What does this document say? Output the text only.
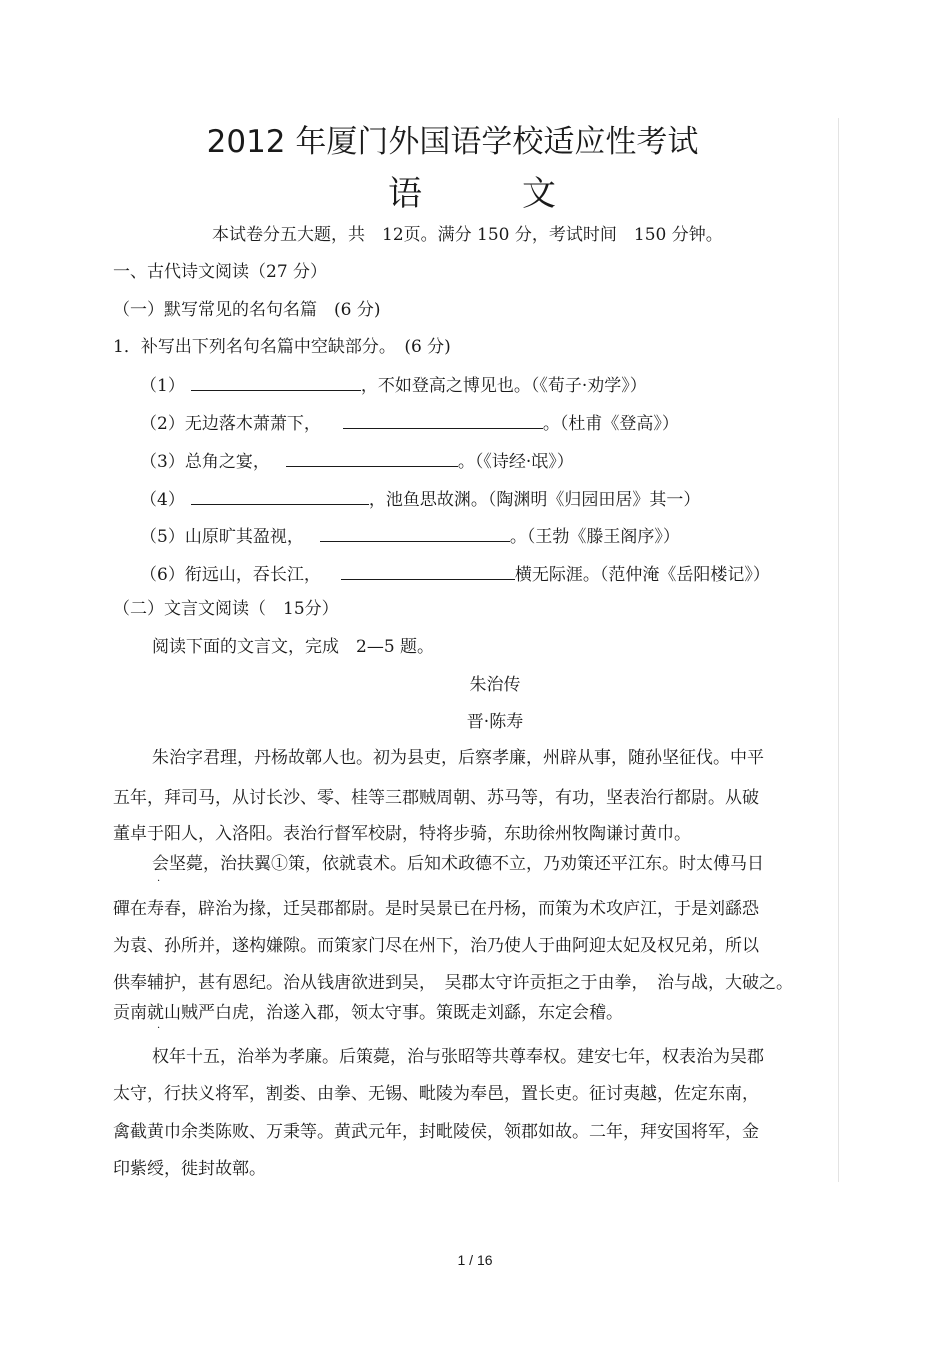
2012 年厦门外国语学校适应性考试
语	文
本试卷分五大题，共　12页。满分 150 分，考试时间　150 分钟。
一、古代诗文阅读（27 分）
（一）默写常见的名句名篇　(6 分)
1．补写出下列名句名篇中空缺部分。　(6 分)
（1）	，不如登高之博见也。（《荀子·劝学》）
（2）无边落木萧萧下，	。（杜甫《登高》）
（3）总角之宴，	。（《诗经·氓》）
（4）	，池鱼思故渊。（陶渊明《归园田居》其一）
（5）山原旷其盈视，	。（王勃《滕王阁序》）
（6）衔远山，吞长江，	横无际涯。（范仲淹《岳阳楼记》）
（二）文言文阅读（　15分）
阅读下面的文言文，完成　2—5 题。
朱治传
晋·陈寿
朱治字君理，丹杨故鄣人也。初为县吏，后察孝廉，州辟从事，随孙坚征伐。中平
五年，拜司马，从讨长沙、零、桂等三郡贼周朝、苏马等，有功，坚表治行都尉。从破
董卓于阳人，入洛阳。表治行督军校尉，特将步骑，东助徐州牧陶谦讨黄巾。
会坚薨，治扶翼①策，依就袁术。后知术政德不立，乃劝策还平江东。时太傅马日
·
磾在寿春，辟治为掾，迁吴郡都尉。是时吴景已在丹杨，而策为术攻庐江，于是刘繇恐
为袁、孙所并，遂构嫌隙。而策家门尽在州下，治乃使人于曲阿迎太妃及权兄弟，所以
供奉辅护，甚有恩纪。治从钱唐欲进到吴，　吴郡太守许贡拒之于由拳，　治与战，大破之。
贡南就山贼严白虎，治遂入郡，领太守事。策既走刘繇，东定会稽。
·
权年十五，治举为孝廉。后策薨，治与张昭等共尊奉权。建安七年，权表治为吴郡
太守，行扶义将军，割娄、由拳、无锡、毗陵为奉邑，置长吏。征讨夷越，佐定东南，
禽截黄巾余类陈败、万秉等。黄武元年，封毗陵侯，领郡如故。二年，拜安国将军，金
印紫绶，徙封故鄣。
1 / 16
